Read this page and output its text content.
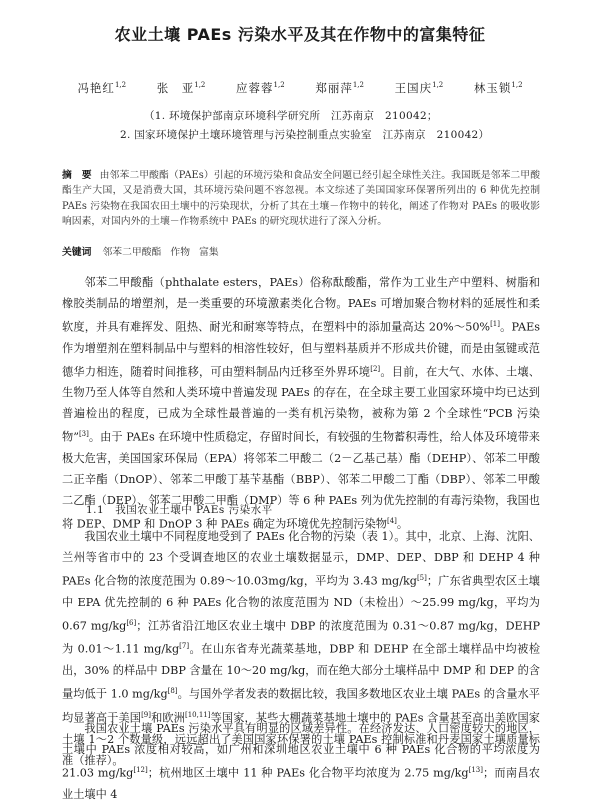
农业土壤 PAEs 污染水平及其在作物中的富集特征
冯艳红$^{1,2}$	张　亚$^{1,2}$	应蓉蓉$^{1,2}$	郑丽萍$^{1,2}$	王国庆$^{1,2}$	林玉锁$^{1,2}$
（1. 环境保护部南京环境科学研究所　江苏南京　210042；
2. 国家环境保护土壤环境管理与污染控制重点实验室　江苏南京　210042）
摘　要 由邻苯二甲酸酯（PAEs）引起的环境污染和食品安全问题已经引起全球性关注。我国既是邻苯二甲酸酯生产大国，又是消费大国，其环境污染问题不容忽视。本文综述了美国国家环保署所列出的 6 种优先控制 PAEs 污染物在我国农田土壤中的污染现状，分析了其在土壤－作物中的转化，阐述了作物对 PAEs 的吸收影响因素，对国内外的土壤－作物系统中 PAEs 的研究现状进行了深入分析。
关键词 邻苯二甲酸酯 作物 富集
邻苯二甲酸酯（phthalate esters，PAEs）俗称酞酸酯，常作为工业生产中塑料、树脂和橡胶类制品的增塑剂，是一类重要的环境激素类化合物。PAEs 可增加聚合物材料的延展性和柔软度，并具有难挥发、阻热、耐光和耐寒等特点，在塑料中的添加量高达 20%～50%[1]。PAEs 作为增塑剂在塑料制品中与塑料的相溶性较好，但与塑料基质并不形成共价键，而是由氢键或范德华力相连，随着时间推移，可由塑料制品内迁移至外界环境[2]。目前，在大气、水体、土壤、生物乃至人体等自然和人类环境中普遍发现 PAEs 的存在，在全球主要工业国家环境中均已达到普遍检出的程度，已成为全球性最普遍的一类有机污染物，被称为第 2 个全球性“PCB 污染物”[3]。由于 PAEs 在环境中性质稳定，存留时间长，有较强的生物蓄积毒性，给人体及环境带来极大危害，美国国家环保局（EPA）将邻苯二甲酸二（2－乙基己基）酯（DEHP）、邻苯二甲酸二正辛酯（DnOP）、邻苯二甲酸丁基苄基酯（BBP）、邻苯二甲酸二丁酯（DBP）、邻苯二甲酸二乙酯（DEP）、邻苯二甲酸二甲酯（DMP）等 6 种 PAEs 列为优先控制的有毒污染物，我国也将 DEP、DMP 和 DnOP 3 种 PAEs 确定为环境优先控制污染物[4]。
1.1　我国农业土壤中 PAEs 污染水平
我国农业土壤中不同程度地受到了 PAEs 化合物的污染（表 1）。其中，北京、上海、沈阳、兰州等省市中的 23 个受调查地区的农业土壤数据显示，DMP、DEP、DBP 和 DEHP 4 种 PAEs 化合物的浓度范围为 0.89～10.03mg/kg，平均为 3.43 mg/kg[5]；广东省典型农区土壤中 EPA 优先控制的 6 种 PAEs 化合物的浓度范围为 ND（未检出）～25.99 mg/kg，平均为 0.67 mg/kg[6]；江苏省沿江地区农业土壤中 DBP 的浓度范围为 0.31～0.87 mg/kg，DEHP 为 0.01～1.11 mg/kg[7]。在山东省寿光蔬菜基地，DBP 和 DEHP 在全部土壤样品中均被检出，30% 的样品中 DBP 含量在 10～20 mg/kg，而在绝大部分土壤样品中 DMP 和 DEP 的含量均低于 1.0 mg/kg[8]。与国外学者发表的数据比较，我国多数地区农业土壤 PAEs 的含量水平均显著高于美国[9]和欧洲[10,11]等国家，某些大棚蔬菜基地土壤中的 PAEs 含量甚至高出美欧国家土壤 1～2 个数量级，远远超出了美国国家环保署的土壤 PAEs 控制标准和丹麦国家土壤质量标准（推荐）。
我国农业土壤 PAEs 污染水平具有明显的区域差异性。在经济发达、人口密度较大的地区，土壤中 PAEs 浓度相对较高，如广州和深圳地区农业土壤中 6 种 PAEs 化合物的平均浓度为 21.03 mg/kg[12]；杭州地区土壤中 11 种 PAEs 化合物平均浓度为 2.75 mg/kg[13]；而南昌农业土壤中 4
